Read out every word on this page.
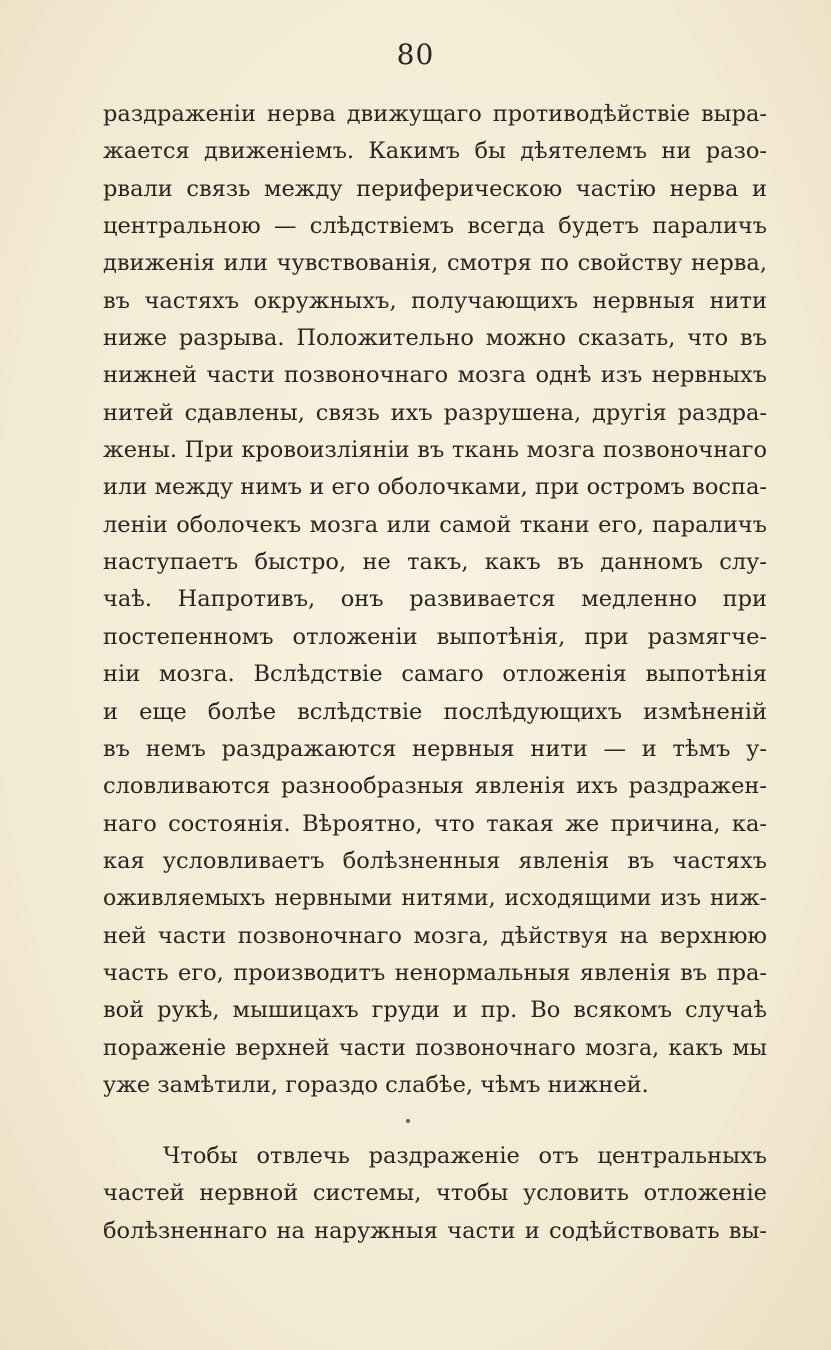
80
раздраженіи нерва движущаго противодѣйствіе выра-
жается движеніемъ. Какимъ бы дѣятелемъ ни разо-
рвали связь между периферическою частію нерва и
центральною — слѣдствіемъ всегда будетъ параличъ
движенія или чувствованія, смотря по свойству нерва,
въ частяхъ окружныхъ, получающихъ нервныя нити
ниже разрыва. Положительно можно сказать, что въ
нижней части позвоночнаго мозга однѣ изъ нервныхъ
нитей сдавлены, связь ихъ разрушена, другія раздра-
жены. При кровоизліяніи въ ткань мозга позвоночнаго
или между нимъ и его оболочками, при остромъ воспа-
леніи оболочекъ мозга или самой ткани его, параличъ
наступаетъ быстро, не такъ, какъ въ данномъ слу-
чаѣ. Напротивъ, онъ развивается медленно при
постепенномъ отложеніи выпотѣнія, при размягче-
ніи мозга. Вслѣдствіе самаго отложенія выпотѣнія
и еще болѣе вслѣдствіе послѣдующихъ измѣненій
въ немъ раздражаются нервныя нити — и тѣмъ у-
словливаются разнообразныя явленія ихъ раздражен-
наго состоянія. Вѣроятно, что такая же причина, ка-
кая условливаетъ болѣзненныя явленія въ частяхъ
оживляемыхъ нервными нитями, исходящими изъ ниж-
ней части позвоночнаго мозга, дѣйствуя на верхнюю
часть его, производитъ ненормальныя явленія въ пра-
вой рукѣ, мышицахъ груди и пр. Во всякомъ случаѣ
пораженіе верхней части позвоночнаго мозга, какъ мы
уже замѣтили, гораздо слабѣе, чѣмъ нижней.
Чтобы отвлечь раздраженіе отъ центральныхъ
частей нервной системы, чтобы условить отложеніе
болѣзненнаго на наружныя части и содѣйствовать вы-
